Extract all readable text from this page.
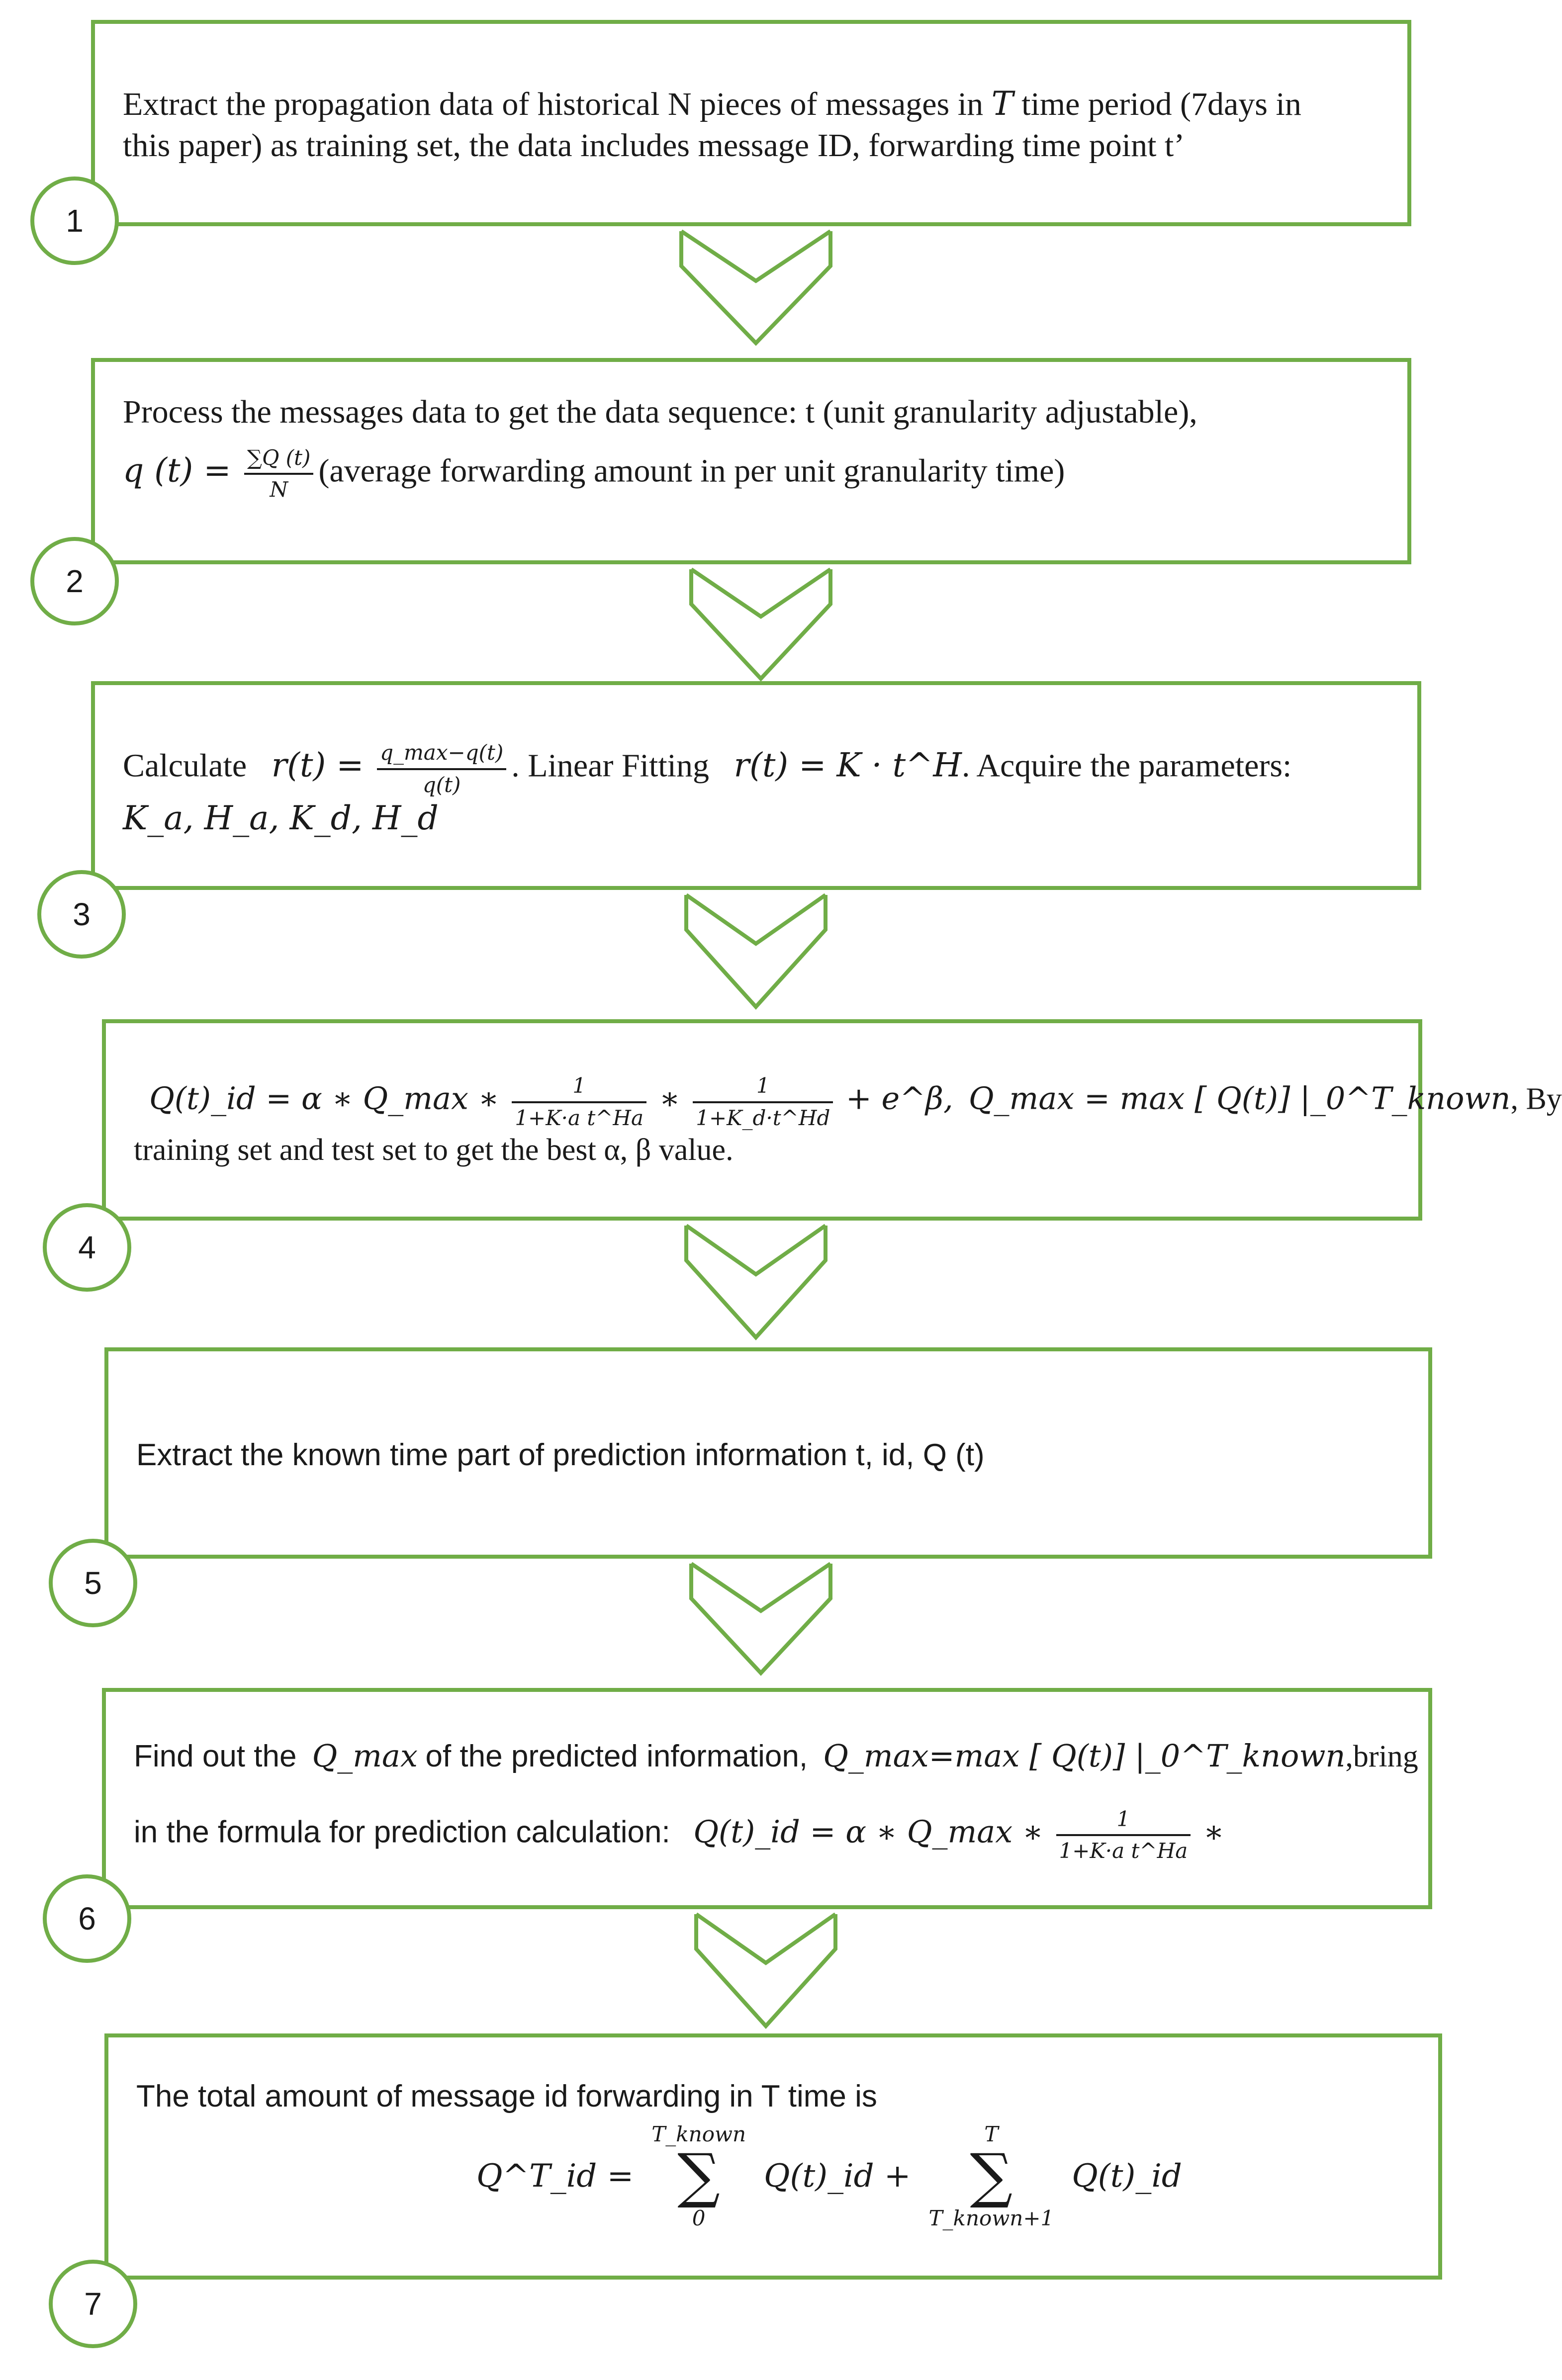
Extract the propagation data of historical N pieces of messages in T time period (7days in
this paper) as training set, the data includes message ID, forwarding time point t’
1
Process the messages data to get the data sequence: t (unit granularity adjustable),

q $(t) = \frac{\sum Q (t)}{N}$ (average forwarding amount in per unit granularity time)
2
Calculate $r(t) = \frac{q\_\max-q(t)}{q(t)}$ . Linear Fitting r(t) = K · t^H. Acquire the parameters:
K_a, H_a, K_d, H_d
3
Q(t)_id = α ∗ Q_max ∗ $\frac{1}{\text{1+K·a t\textasciicircum{}Ha}}$ ∗ $\frac{1}{1+K\_d\cdot t\^{}Hd}$ + e^β, Q_max = max [ Q(t)] |_0^T_known, By
training set and test set to get the best α, β value.
4
Extract the known time part of prediction information t, id, Q (t)
5
Find out the Q_max of the predicted information, Q_max=max [ Q(t)] |_0^T_known,bring
in the formula for prediction calculation: Q(t)_id = α ∗ Q_max ∗ $\frac{1}{\text{1+K·a t\textasciicircum{}Ha}}$ ∗
6
The total amount of message id forwarding in T time is
Q^T_id =
T_known
∑
0
Q(t)_id +
T
∑
T_known+1
Q(t)_id
7
